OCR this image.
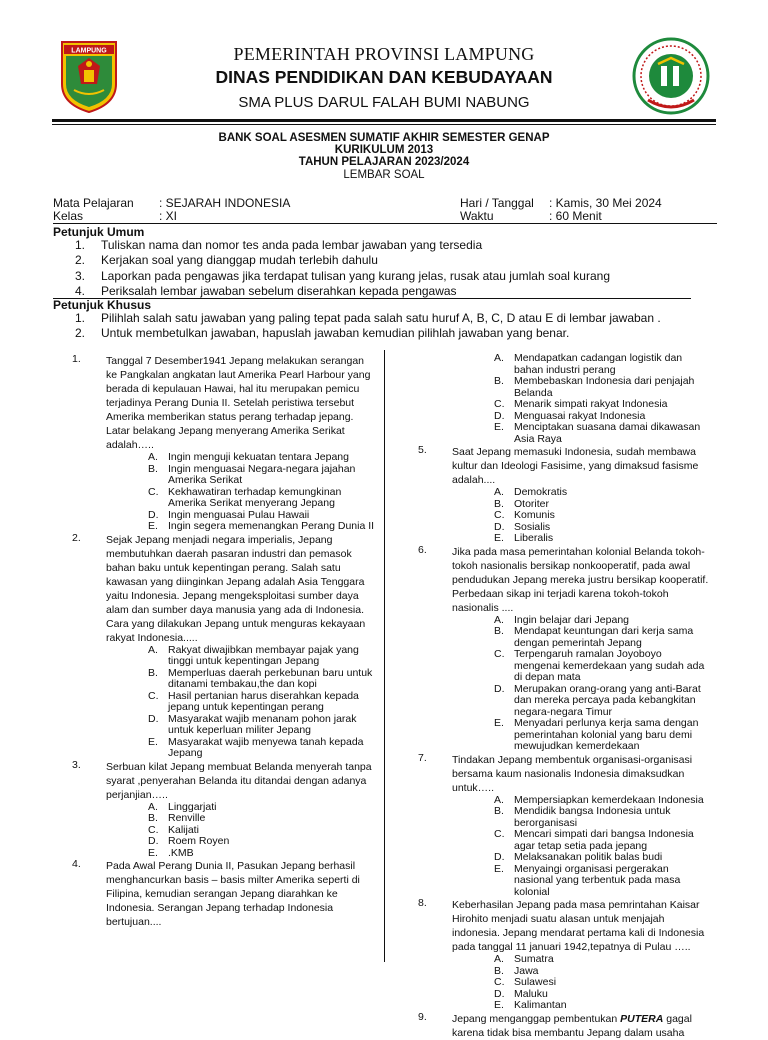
LAMPUNG	PEMERINTAH PROVINSI LAMPUNG
DINAS PENDIDIKAN DAN KEBUDAYAAN
SMA PLUS DARUL FALAH BUMI NABUNG
BANK SOAL ASESMEN SUMATIF AKHIR SEMESTER GENAP
KURIKULUM 2013
TAHUN PELAJARAN 2023/2024
LEMBAR SOAL
Mata Pelajaran : SEJARAH INDONESIA
Kelas	: XI
Hari / Tanggal : Kamis, 30 Mei 2024
Waktu	: 60 Menit
Petunjuk Umum
1. Tuliskan nama dan nomor tes anda pada lembar jawaban yang tersedia
2. Kerjakan soal yang dianggap mudah terlebih dahulu
3. Laporkan pada pengawas jika terdapat tulisan yang kurang jelas, rusak atau jumlah soal kurang
4. Periksalah lembar jawaban sebelum diserahkan kepada pengawas
Petunjuk Khusus
1. Pilihlah salah satu jawaban yang paling tepat pada salah satu huruf A, B, C, D atau E di lembar jawaban .
2. Untuk membetulkan jawaban, hapuslah jawaban kemudian pilihlah jawaban yang benar.
1. Tanggal 7 Desember1941 Jepang melakukan serangan ke Pangkalan angkatan laut Amerika Pearl Harbour yang berada di kepulauan Hawai, hal itu merupakan pemicu terjadinya Perang Dunia II. Setelah peristiwa tersebut Amerika memberikan status perang terhadap jepang. Latar belakang Jepang menyerang Amerika Serikat adalah…..
A. Ingin menguji kekuatan tentara Jepang
B. Ingin menguasai Negara-negara jajahan Amerika Serikat
C. Kekhawatiran terhadap kemungkinan Amerika Serikat menyerang Jepang
D. Ingin menguasai Pulau Hawaii
E. Ingin segera memenangkan Perang Dunia II
2. Sejak Jepang menjadi negara imperialis, Jepang membutuhkan daerah pasaran industri dan pemasok bahan baku untuk kepentingan perang. Salah satu kawasan yang diinginkan Jepang adalah Asia Tenggara yaitu Indonesia. Jepang mengeksploitasi sumber daya alam dan sumber daya manusia yang ada di Indonesia. Cara yang dilakukan Jepang untuk menguras kekayaan rakyat Indonesia.....
A. Rakyat diwajibkan membayar pajak yang tinggi untuk kepentingan Jepang
B. Memperluas daerah perkebunan baru untuk ditanami tembakau,the dan kopi
C. Hasil pertanian harus diserahkan kepada jepang untuk kepentingan perang
D. Masyarakat wajib menanam pohon jarak untuk keperluan militer Jepang
E. Masyarakat wajib menyewa tanah kepada Jepang
3. Serbuan kilat Jepang membuat Belanda menyerah tanpa syarat ,penyerahan Belanda itu ditandai dengan adanya perjanjian…..
A. Linggarjati
B. Renville
C. Kalijati
D. Roem Royen
E. .KMB
4. Pada Awal Perang Dunia II, Pasukan Jepang berhasil menghancurkan basis – basis milter Amerika seperti di Filipina, kemudian serangan Jepang diarahkan ke Indonesia. Serangan Jepang terhadap Indonesia bertujuan....
A. Mendapatkan cadangan logistik dan bahan industri perang
B. Membebaskan Indonesia dari penjajah Belanda
C. Menarik simpati rakyat Indonesia
D. Menguasai rakyat Indonesia
E. Menciptakan suasana damai dikawasan Asia Raya
5. Saat Jepang memasuki Indonesia, sudah membawa kultur dan Ideologi Fasisime, yang dimaksud fasisme adalah....
A. Demokratis
B. Otoriter
C. Komunis
D. Sosialis
E. Liberalis
6. Jika pada masa pemerintahan kolonial Belanda tokoh-tokoh nasionalis bersikap nonkooperatif, pada awal pendudukan Jepang mereka justru bersikap kooperatif. Perbedaan sikap ini terjadi karena tokoh-tokoh nasionalis ....
A. Ingin belajar dari Jepang
B. Mendapat keuntungan dari kerja sama dengan pemerintah Jepang
C. Terpengaruh ramalan Joyoboyo mengenai kemerdekaan yang sudah ada di depan mata
D. Merupakan orang-orang yang anti-Barat dan mereka percaya pada kebangkitan negara-negara Timur
E. Menyadari perlunya kerja sama dengan pemerintahan kolonial yang baru demi mewujudkan kemerdekaan
7. Tindakan Jepang membentuk organisasi-organisasi bersama kaum nasionalis Indonesia dimaksudkan untuk…..
A. Mempersiapkan kemerdekaan Indonesia
B. Mendidik bangsa Indonesia untuk berorganisasi
C. Mencari simpati dari bangsa Indonesia agar tetap setia pada jepang
D. Melaksanakan politik balas budi
E. Menyaingi organisasi pergerakan nasional yang terbentuk pada masa kolonial
8. Keberhasilan Jepang pada masa pemrintahan Kaisar Hirohito menjadi suatu alasan untuk menjajah indonesia. Jepang mendarat pertama kali di Indonesia pada tanggal 11 januari 1942,tepatnya di Pulau …..
A. Sumatra
B. Jawa
C. Sulawesi
D. Maluku
E. Kalimantan
9. Jepang menganggap pembentukan PUTERA gagal karena tidak bisa membantu Jepang dalam usaha
